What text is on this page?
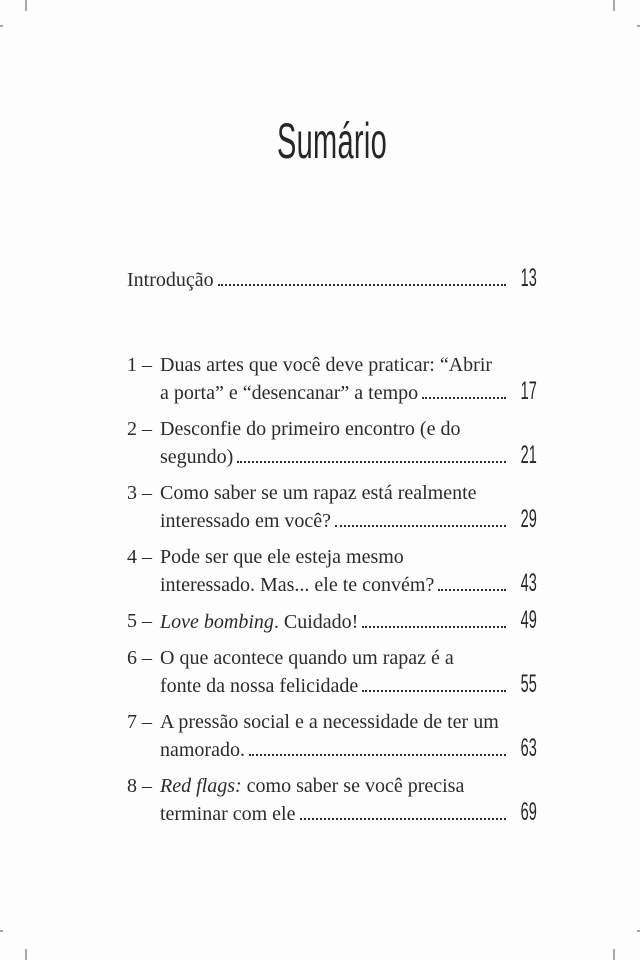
Sumário
Introdução	13
1 – Duas artes que você deve praticar: “Abrir
a porta” e “desencanar” a tempo	17
2 – Desconfie do primeiro encontro (e do
segundo)	21
3 – Como saber se um rapaz está realmente
interessado em você?	29
4 – Pode ser que ele esteja mesmo
interessado. Mas... ele te convém?	43
5 – Love bombing. Cuidado!	49
6 – O que acontece quando um rapaz é a
fonte da nossa felicidade	55
7 – A pressão social e a necessidade de ter um
namorado.	63
8 – Red flags: como saber se você precisa
terminar com ele	69
